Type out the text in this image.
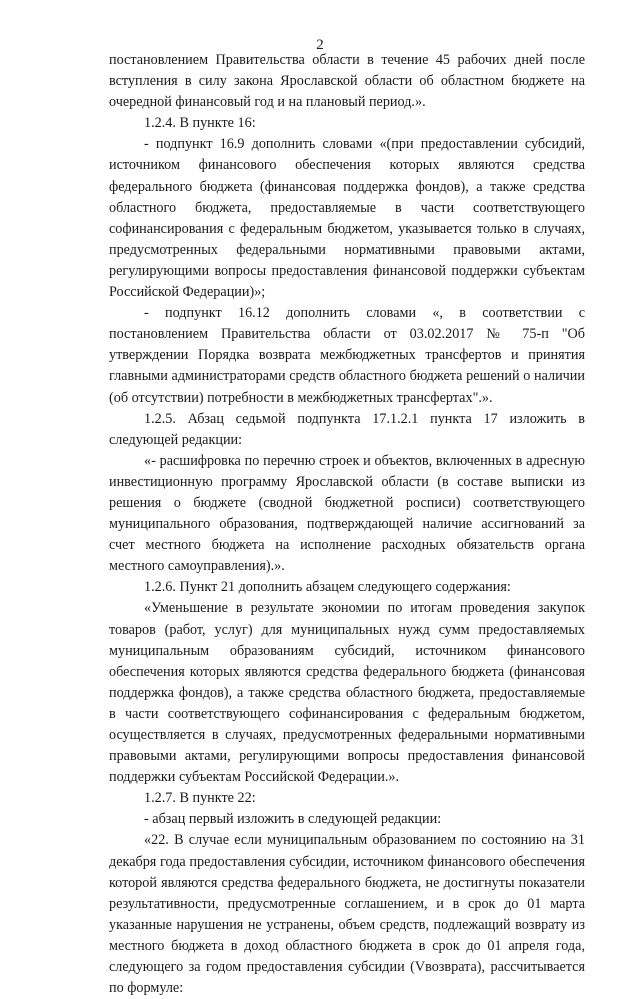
2

постановлением Правительства области в течение 45 рабочих дней после вступления в силу закона Ярославской области об областном бюджете на очередной финансовый год и на плановый период.».

1.2.4. В пункте 16:

- подпункт 16.9 дополнить словами «(при предоставлении субсидий, источником финансового обеспечения которых являются средства федерального бюджета (финансовая поддержка фондов), а также средства областного бюджета, предоставляемые в части соответствующего софинансирования с федеральным бюджетом, указывается только в случаях, предусмотренных федеральными нормативными правовыми актами, регулирующими вопросы предоставления финансовой поддержки субъектам Российской Федерации)»;

- подпункт 16.12 дополнить словами «, в соответствии с постановлением Правительства области от 03.02.2017 № 75-п "Об утверждении Порядка возврата межбюджетных трансфертов и принятия главными администраторами средств областного бюджета решений о наличии (об отсутствии) потребности в межбюджетных трансфертах".».

1.2.5. Абзац седьмой подпункта 17.1.2.1 пункта 17 изложить в следующей редакции:

«- расшифровка по перечню строек и объектов, включенных в адресную инвестиционную программу Ярославской области (в составе выписки из решения о бюджете (сводной бюджетной росписи) соответствующего муниципального образования, подтверждающей наличие ассигнований за счет местного бюджета на исполнение расходных обязательств органа местного самоуправления).».

1.2.6. Пункт 21 дополнить абзацем следующего содержания:

«Уменьшение в результате экономии по итогам проведения закупок товаров (работ, услуг) для муниципальных нужд сумм предоставляемых муниципальным образованиям субсидий, источником финансового обеспечения которых являются средства федерального бюджета (финансовая поддержка фондов), а также средства областного бюджета, предоставляемые в части соответствующего софинансирования с федеральным бюджетом, осуществляется в случаях, предусмотренных федеральными нормативными правовыми актами, регулирующими вопросы предоставления финансовой поддержки субъектам Российской Федерации.».

1.2.7. В пункте 22:

- абзац первый изложить в следующей редакции:

«22. В случае если муниципальным образованием по состоянию на 31 декабря года предоставления субсидии, источником финансового обеспечения которой являются средства федерального бюджета, не достигнуты показатели результативности, предусмотренные соглашением, и в срок до 01 марта указанные нарушения не устранены, объем средств, подлежащий возврату из местного бюджета в доход областного бюджета в срок до 01 апреля года, следующего за годом предоставления субсидии (Vвозврата), рассчитывается по формуле:
